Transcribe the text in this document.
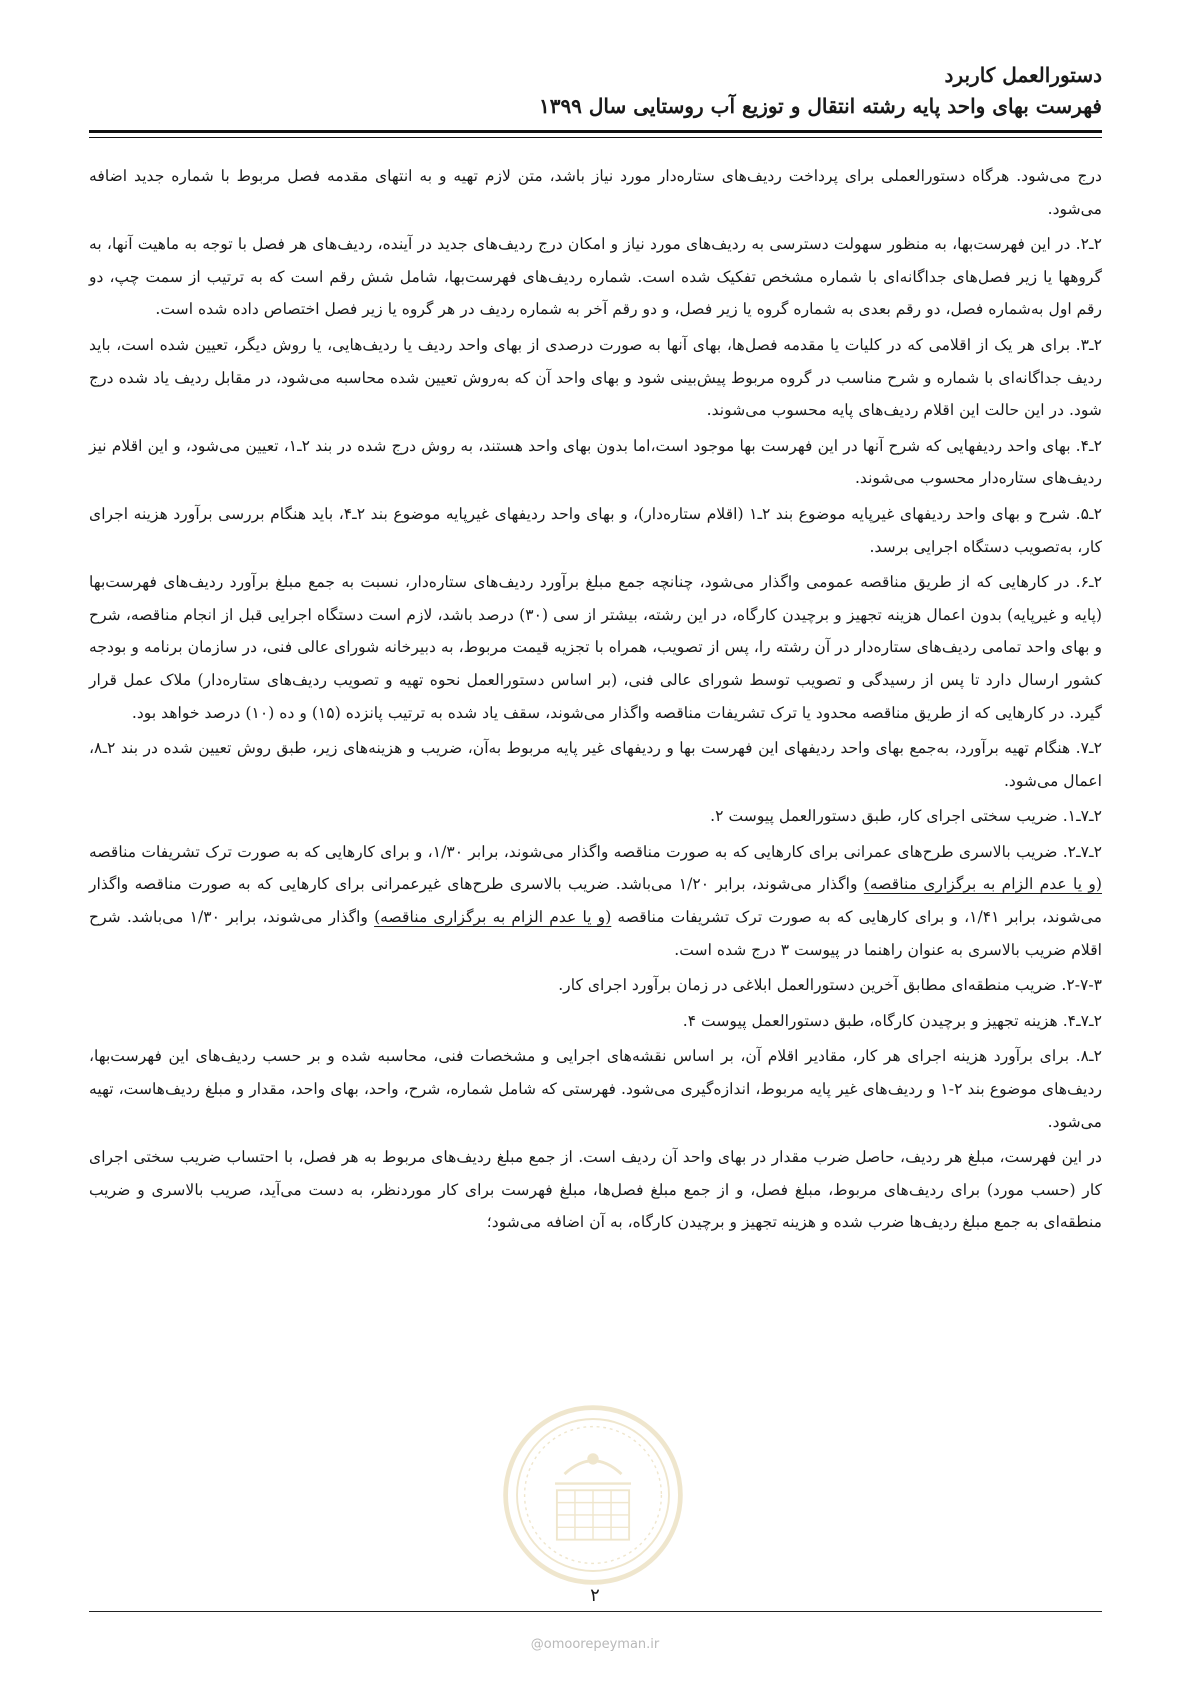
دستورالعمل کاربرد
فهرست بهای واحد پایه رشته انتقال و توزیع آب روستایی سال ۱۳۹۹

درج می‌شود. هرگاه دستورالعملی برای پرداخت ردیف‌های ستاره‌دار مورد نیاز باشد، متن لازم تهیه و به انتهای مقدمه فصل مربوط با شماره جدید اضافه می‌شود.

۲ـ۲. در این فهرست‌بها، به منظور سهولت دسترسی به ردیف‌های مورد نیاز و امکان درج ردیف‌های جدید در آینده، ردیف‌های هر فصل با توجه به ماهیت آنها، به گروهها یا زیر فصل‌های جداگانه‌ای با شماره مشخص تفکیک شده است. شماره ردیف‌های فهرست‌بها، شامل شش رقم است که به ترتیب از سمت چپ، دو رقم اول به‌شماره فصل، دو رقم بعدی به شماره گروه یا زیر فصل، و دو رقم آخر به شماره ردیف در هر گروه یا زیر فصل اختصاص داده شده است.

۲ـ۳. برای هر یک از اقلامی که در کلیات یا مقدمه فصل‌ها، بهای آنها به صورت درصدی از بهای واحد ردیف یا ردیف‌هایی، یا روش دیگر، تعیین شده است، باید ردیف جداگانه‌ای با شماره و شرح مناسب در گروه مربوط پیش‌بینی شود و بهای واحد آن که به‌روش تعیین شده محاسبه می‌شود، در مقابل ردیف یاد شده درج شود. در این حالت این اقلام ردیف‌های پایه محسوب می‌شوند.

۲ـ۴. بهای واحد ردیفهایی که شرح آنها در این فهرست بها موجود است،اما بدون بهای واحد هستند، به روش درج شده در بند ۲ـ۱، تعیین می‌شود، و این اقلام نیز ردیف‌های ستاره‌دار محسوب می‌شوند.

۲ـ۵. شرح و بهای واحد ردیفهای غیرپایه موضوع بند ۲ـ۱ (اقلام ستاره‌دار)، و بهای واحد ردیفهای غیرپایه موضوع بند ۲ـ۴، باید هنگام بررسی برآورد هزینه اجرای کار، به‌تصویب دستگاه اجرایی برسد.

۲ـ۶. در کارهایی که از طریق مناقصه عمومی واگذار می‌شود، چنانچه جمع مبلغ برآورد ردیف‌های ستاره‌دار، نسبت به جمع مبلغ برآورد ردیف‌های فهرست‌بها (پایه و غیرپایه) بدون اعمال هزینه تجهیز و برچیدن کارگاه، در این رشته، بیشتر از سی (۳۰) درصد باشد، لازم است دستگاه اجرایی قبل از انجام مناقصه، شرح و بهای واحد تمامی ردیف‌های ستاره‌دار در آن رشته را، پس از تصویب، همراه با تجزیه قیمت مربوط، به دبیرخانه شورای عالی فنی، در سازمان برنامه و بودجه کشور ارسال دارد تا پس از رسیدگی و تصویب توسط شورای عالی فنی، (بر اساس دستورالعمل نحوه تهیه و تصویب ردیف‌های ستاره‌دار) ملاک عمل قرار گیرد. در کارهایی که از طریق مناقصه محدود یا ترک تشریفات مناقصه واگذار می‌شوند، سقف یاد شده به ترتیب پانزده (۱۵) و ده (۱۰) درصد خواهد بود.

۲ـ۷. هنگام تهیه برآورد، به‌جمع بهای واحد ردیفهای این فهرست بها و ردیفهای غیر پایه مربوط به‌آن، ضریب و هزینه‌های زیر، طبق روش تعیین شده در بند ۲ـ۸، اعمال می‌شود.

۲ـ۷ـ۱. ضریب سختی اجرای کار، طبق دستورالعمل پیوست ۲.

۲ـ۷ـ۲. ضریب بالاسری طرح‌های عمرانی برای کارهایی که به صورت مناقصه واگذار می‌شوند، برابر ۱/۳۰، و برای کارهایی که به صورت ترک تشریفات مناقصه (و یا عدم الزام به برگزاری مناقصه) واگذار می‌شوند، برابر ۱/۲۰ می‌باشد. ضریب بالاسری طرح‌های غیرعمرانی برای کارهایی که به صورت مناقصه واگذار می‌شوند، برابر ۱/۴۱، و برای کارهایی که به صورت ترک تشریفات مناقصه (و یا عدم الزام به برگزاری مناقصه) واگذار می‌شوند، برابر ۱/۳۰ می‌باشد. شرح اقلام ضریب بالاسری به عنوان راهنما در پیوست ۳ درج شده است.

۲-۷-۳. ضریب منطقه‌ای مطابق آخرین دستورالعمل ابلاغی در زمان برآورد اجرای کار.

۲ـ۷ـ۴. هزینه تجهیز و برچیدن کارگاه، طبق دستورالعمل پیوست ۴.

۲ـ۸. برای برآورد هزینه اجرای هر کار، مقادیر اقلام آن، بر اساس نقشه‌های اجرایی و مشخصات فنی، محاسبه شده و بر حسب ردیف‌های این فهرست‌بها، ردیف‌های موضوع بند ۲-۱ و ردیف‌های غیر پایه مربوط، اندازه‌گیری می‌شود. فهرستی که شامل شماره، شرح، واحد، بهای واحد، مقدار و مبلغ ردیف‌هاست، تهیه می‌شود.

در این فهرست، مبلغ هر ردیف، حاصل ضرب مقدار در بهای واحد آن ردیف است. از جمع مبلغ ردیف‌های مربوط به هر فصل، با احتساب ضریب سختی اجرای کار (حسب مورد) برای ردیف‌های مربوط، مبلغ فصل، و از جمع مبلغ فصل‌ها، مبلغ فهرست برای کار موردنظر، به دست می‌آید، صریب بالاسری و ضریب منطقه‌ای به جمع مبلغ ردیف‌ها ضرب شده و هزینه تجهیز و برچیدن کارگاه، به آن اضافه می‌شود؛

۲
@omoorepeyman.ir
